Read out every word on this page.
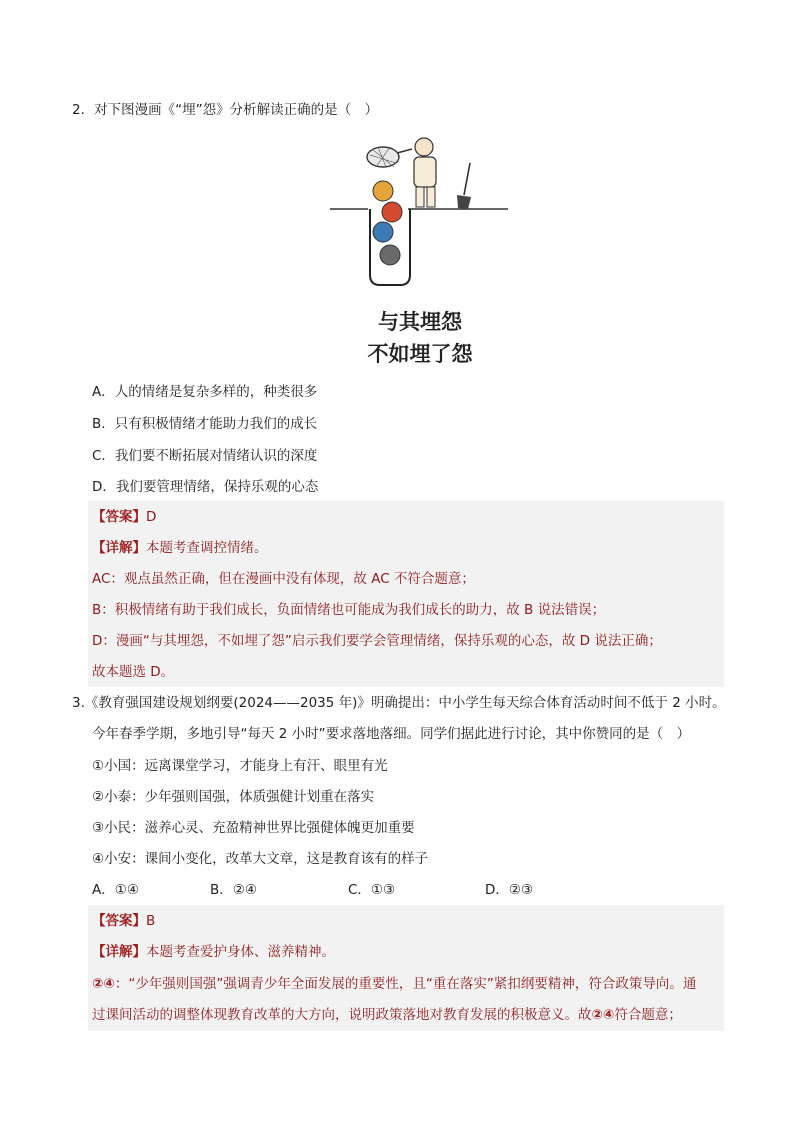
2．对下图漫画《“埋”怨》分析解读正确的是（　）
与其埋怨
不如埋了怨
A．人的情绪是复杂多样的，种类很多
B．只有积极情绪才能助力我们的成长
C．我们要不断拓展对情绪认识的深度
D．我们要管理情绪，保持乐观的心态
【答案】D
【详解】本题考查调控情绪。
AC：观点虽然正确，但在漫画中没有体现，故 AC 不符合题意；
B：积极情绪有助于我们成长，负面情绪也可能成为我们成长的助力，故 B 说法错误；
D：漫画“与其埋怨，不如埋了怨”启示我们要学会管理情绪，保持乐观的心态，故 D 说法正确；
故本题选 D。
3.《教育强国建设规划纲要(2024——2035 年)》明确提出：中小学生每天综合体育活动时间不低于 2 小时。
今年春季学期，多地引导“每天 2 小时”要求落地落细。同学们据此进行讨论，其中你赞同的是（　）
①小国：远离课堂学习，才能身上有汗、眼里有光
②小泰：少年强则国强，体质强健计划重在落实
③小民：滋养心灵、充盈精神世界比强健体魄更加重要
④小安：课间小变化，改革大文章，这是教育该有的样子
A．①④	B．②④	C．①③	D．②③
【答案】B
【详解】本题考查爱护身体、滋养精神。
②④：“少年强则国强”强调青少年全面发展的重要性，且“重在落实”紧扣纲要精神，符合政策导向。通
过课间活动的调整体现教育改革的大方向，说明政策落地对教育发展的积极意义。故②④符合题意；
